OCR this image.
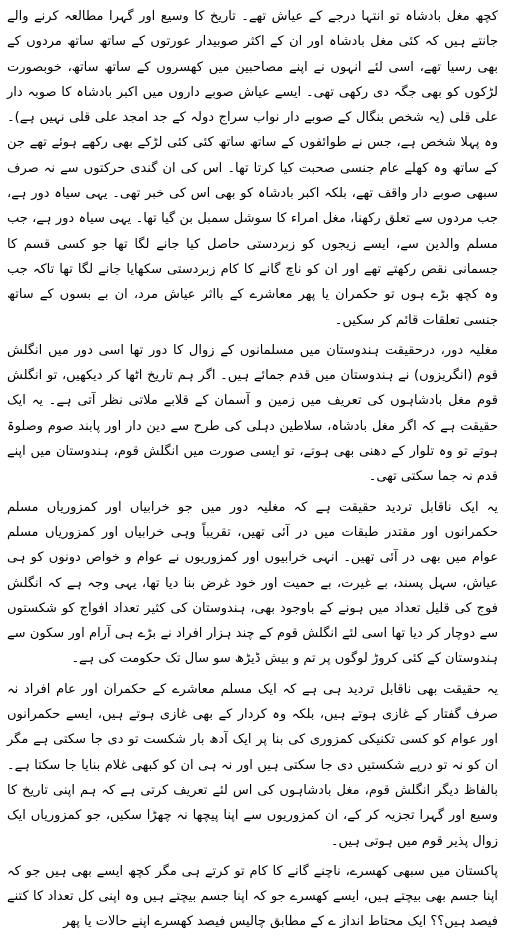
کچھ مغل بادشاہ تو انتہا درجے کے عیاش تھے۔ تاریخ کا وسیع اور گہرا مطالعہ کرنے والے جانتے ہیں کہ کئی مغل بادشاہ اور ان کے اکثر صوبیدار عورتوں کے ساتھ ساتھ مردوں کے بھی رسیا تھے، اسی لئے انہوں نے اپنے مصاحبین میں کھسروں کے ساتھ ساتھ، خوبصورت لڑکوں کو بھی جگہ دی رکھی تھی۔ ایسے عیاش صوبے داروں میں اکبر بادشاہ کا صوبہ دار علی قلی (یہ شخص بنگال کے صوبے دار نواب سراج دولہ کے جد امجد علی قلی نہیں ہے)۔ وہ پہلا شخص ہے، جس نے طوائفوں کے ساتھ ساتھ کئی کئی لڑکے بھی رکھے ہوئے تھے جن کے ساتھ وہ کھلے عام جنسی صحبت کیا کرتا تھا۔ اس کی ان گندی حرکتوں سے نہ صرف سبھی صوبے دار واقف تھے، بلکہ اکبر بادشاہ کو بھی اس کی خبر تھی۔ یہی سیاہ دور ہے، جب مردوں سے تعلق رکھنا، مغل امراء کا سوشل سمبل بن گیا تھا۔ یہی سیاہ دور ہے، جب مسلم والدین سے، ایسے زیجوں کو زبردستی حاصل کیا جانے لگا تھا جو کسی قسم کا جسمانی نقص رکھتے تھے اور ان کو ناچ گانے کا کام زبردستی سکھایا جانے لگا تھا تاکہ جب وہ کچھ بڑے ہوں تو حکمران یا پھر معاشرے کے بااثر عیاش مرد، ان بے بسوں کے ساتھ جنسی تعلقات قائم کر سکیں۔

مغلیہ دور، درحقیقت ہندوستان میں مسلمانوں کے زوال کا دور تھا اسی دور میں انگلش قوم (انگریزوں) نے ہندوستان میں قدم جمائے ہیں۔ اگر ہم تاریخ اٹھا کر دیکھیں، تو انگلش قوم مغل بادشاہوں کی تعریف میں زمین و آسمان کے قلابے ملاتی نظر آتی ہے۔ یہ ایک حقیقت ہے کہ اگر مغل بادشاہ، سلاطین دہلی کی طرح سے دین دار اور پابند صوم وصلوۃ ہوتے تو وہ تلوار کے دھنی بھی ہوتے، تو ایسی صورت میں انگلش قوم، ہندوستان میں اپنے قدم نہ جما سکتی تھی۔

یہ ایک ناقابل تردید حقیقت ہے کہ مغلیہ دور میں جو خرابیاں اور کمزوریاں مسلم حکمرانوں اور مقتدر طبقات میں در آئی تھیں، تقریباً وہی خرابیاں اور کمزوریاں مسلم عوام میں بھی در آئی تھیں۔ انہی خرابیوں اور کمزوریوں نے عوام و خواص دونوں کو ہی عیاش، سہل پسند، بے غیرت، بے حمیت اور خود غرض بنا دیا تھا، یہی وجہ ہے کہ انگلش فوج کی قلیل تعداد میں ہونے کے باوجود بھی، ہندوستان کی کثیر تعداد افواج کو شکستوں سے دوچار کر دیا تھا اسی لئے انگلش قوم کے چند ہزار افراد نے بڑے ہی آرام اور سکون سے ہندوستان کے کئی کروڑ لوگوں پر تم و بیش ڈیڑھ سو سال تک حکومت کی ہے۔

یہ حقیقت بھی ناقابل تردید ہی ہے کہ ایک مسلم معاشرے کے حکمران اور عام افراد نہ صرف گفتار کے غازی ہوتے ہیں، بلکہ وہ کردار کے بھی غازی ہوتے ہیں، ایسے حکمرانوں اور عوام کو کسی تکنیکی کمزوری کی بنا پر ایک آدھ بار شکست تو دی جا سکتی ہے مگر ان کو نہ تو درپے شکستیں دی جا سکتی ہیں اور نہ ہی ان کو کبھی غلام بنایا جا سکتا ہے۔ بالفاظ دیگر انگلش قوم، مغل بادشاہوں کی اس لئے تعریف کرتی ہے کہ ہم اپنی تاریخ کا وسیع اور گہرا تجزیہ کر کے، ان کمزوریوں سے اپنا پیچھا نہ چھڑا سکیں، جو کمزوریاں ایک زوال پذیر قوم میں ہوتی ہیں۔

پاکستان میں سبھی کھسرے، ناچنے گانے کا کام تو کرتے ہی مگر کچھ ایسے بھی ہیں جو کہ اپنا جسم بھی بیچتے ہیں، ایسے کھسرے جو کہ اپنا جسم بیچتے ہیں وہ اپنی کل تعداد کا کتنے فیصد ہیں؟؟ ایک محتاط انداز ے کے مطابق چالیس فیصد کھسرے اپنے حالات یا پھر
